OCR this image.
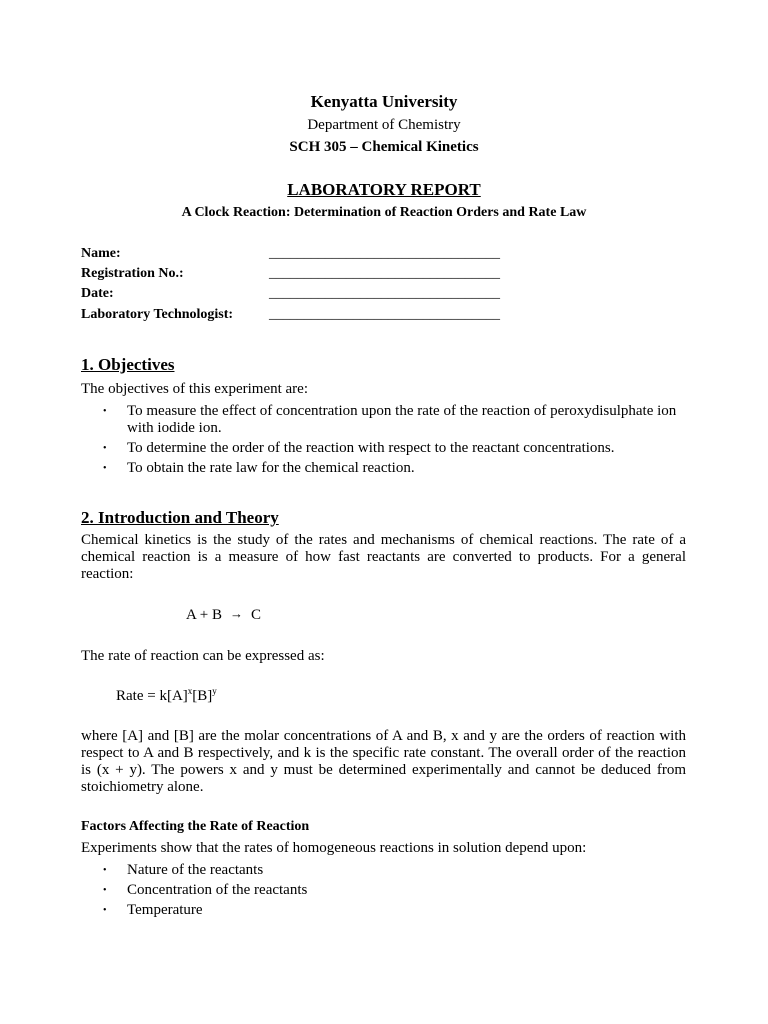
Kenyatta University
Department of Chemistry
SCH 305 – Chemical Kinetics
LABORATORY REPORT
A Clock Reaction: Determination of Reaction Orders and Rate Law
Name:	_________________________________
Registration No.:	_________________________________
Date:	_________________________________
Laboratory Technologist:	_________________________________
1. Objectives
The objectives of this experiment are:
• To measure the effect of concentration upon the rate of the reaction of peroxydisulphate ion with iodide ion.
• To determine the order of the reaction with respect to the reactant concentrations.
• To obtain the rate law for the chemical reaction.
2. Introduction and Theory
Chemical kinetics is the study of the rates and mechanisms of chemical reactions. The rate of a chemical reaction is a measure of how fast reactants are converted to products. For a general reaction:
A + B → C
The rate of reaction can be expressed as:
Rate = $k[A]^x[B]^y$
where [A] and [B] are the molar concentrations of A and B, x and y are the orders of reaction with respect to A and B respectively, and k is the specific rate constant. The overall order of the reaction is (x + y). The powers x and y must be determined experimentally and cannot be deduced from stoichiometry alone.
Factors Affecting the Rate of Reaction
Experiments show that the rates of homogeneous reactions in solution depend upon:
• Nature of the reactants
• Concentration of the reactants
• Temperature
